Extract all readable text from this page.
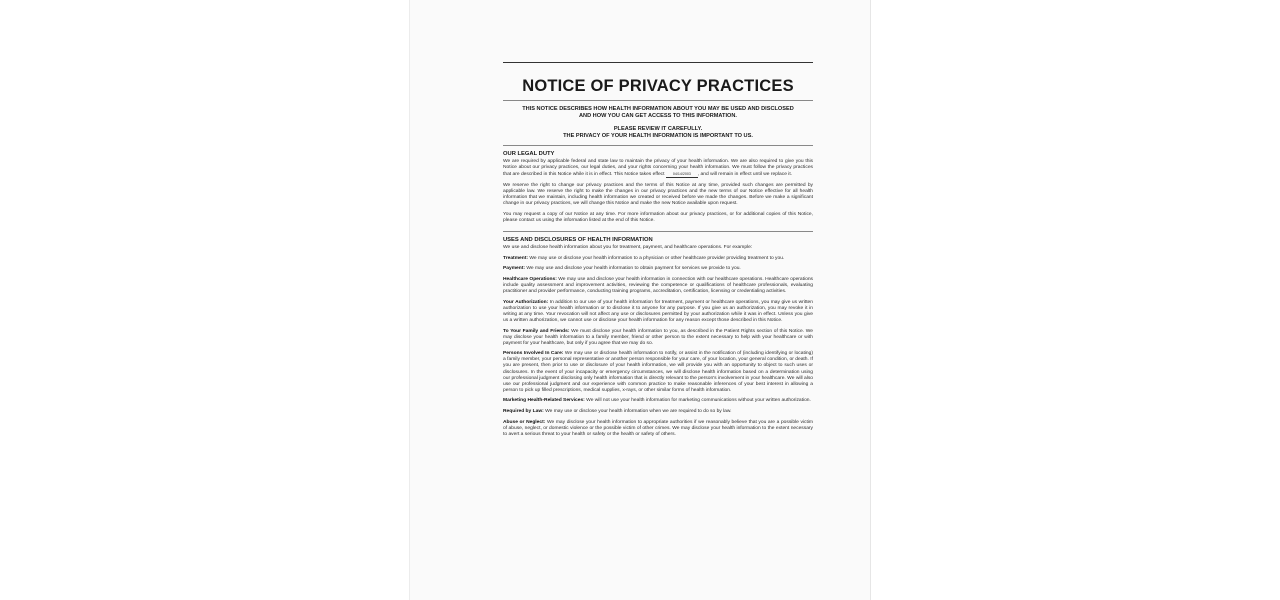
NOTICE OF PRIVACY PRACTICES

THIS NOTICE DESCRIBES HOW HEALTH INFORMATION ABOUT YOU MAY BE USED AND DISCLOSED AND HOW YOU CAN GET ACCESS TO THIS INFORMATION.

PLEASE REVIEW IT CAREFULLY.

THE PRIVACY OF YOUR HEALTH INFORMATION IS IMPORTANT TO US.

OUR LEGAL DUTY

We are required by applicable federal and state law to maintain the privacy of your health information. We are also required to give you this Notice about our privacy practices, our legal duties, and your rights concerning your health information. We must follow the privacy practices that are described in this Notice while it is in effect. This Notice takes effect 04/14/2003 , and will remain in effect until we replace it.

We reserve the right to change our privacy practices and the terms of this Notice at any time, provided such changes are permitted by applicable law. We reserve the right to make the changes in our privacy practices and the new terms of our Notice effective for all health information that we maintain, including health information we created or received before we made the changes. Before we make a significant change in our privacy practices, we will change this Notice and make the new Notice available upon request.

You may request a copy of our Notice at any time. For more information about our privacy practices, or for additional copies of this Notice, please contact us using the information listed at the end of this Notice.

USES AND DISCLOSURES OF HEALTH INFORMATION

We use and disclose health information about you for treatment, payment, and healthcare operations. For example:

Treatment: We may use or disclose your health information to a physician or other healthcare provider providing treatment to you.

Payment: We may use and disclose your health information to obtain payment for services we provide to you.

Healthcare Operations: We may use and disclose your health information in connection with our healthcare operations. Healthcare operations include quality assessment and improvement activities, reviewing the competence or qualifications of healthcare professionals, evaluating practitioner and provider performance, conducting training programs, accreditation, certification, licensing or credentialing activities.

Your Authorization: In addition to our use of your health information for treatment, payment or healthcare operations, you may give us written authorization to use your health information or to disclose it to anyone for any purpose. If you give us an authorization, you may revoke it in writing at any time. Your revocation will not affect any use or disclosures permitted by your authorization while it was in effect. Unless you give us a written authorization, we cannot use or disclose your health information for any reason except those described in this Notice.

To Your Family and Friends: We must disclose your health information to you, as described in the Patient Rights section of this Notice. We may disclose your health information to a family member, friend or other person to the extent necessary to help with your healthcare or with payment for your healthcare, but only if you agree that we may do so.

Persons Involved In Care: We may use or disclose health information to notify, or assist in the notification of (including identifying or locating) a family member, your personal representative or another person responsible for your care, of your location, your general condition, or death. If you are present, then prior to use or disclosure of your health information, we will provide you with an opportunity to object to such uses or disclosures. In the event of your incapacity or emergency circumstances, we will disclose health information based on a determination using our professional judgment disclosing only health information that is directly relevant to the person's involvement in your healthcare. We will also use our professional judgment and our experience with common practice to make reasonable inferences of your best interest in allowing a person to pick up filled prescriptions, medical supplies, x-rays, or other similar forms of health information.

Marketing Health-Related Services: We will not use your health information for marketing communications without your written authorization.

Required by Law: We may use or disclose your health information when we are required to do so by law.

Abuse or Neglect: We may disclose your health information to appropriate authorities if we reasonably believe that you are a possible victim of abuse, neglect, or domestic violence or the possible victim of other crimes. We may disclose your health information to the extent necessary to avert a serious threat to your health or safety or the health or safety of others.
